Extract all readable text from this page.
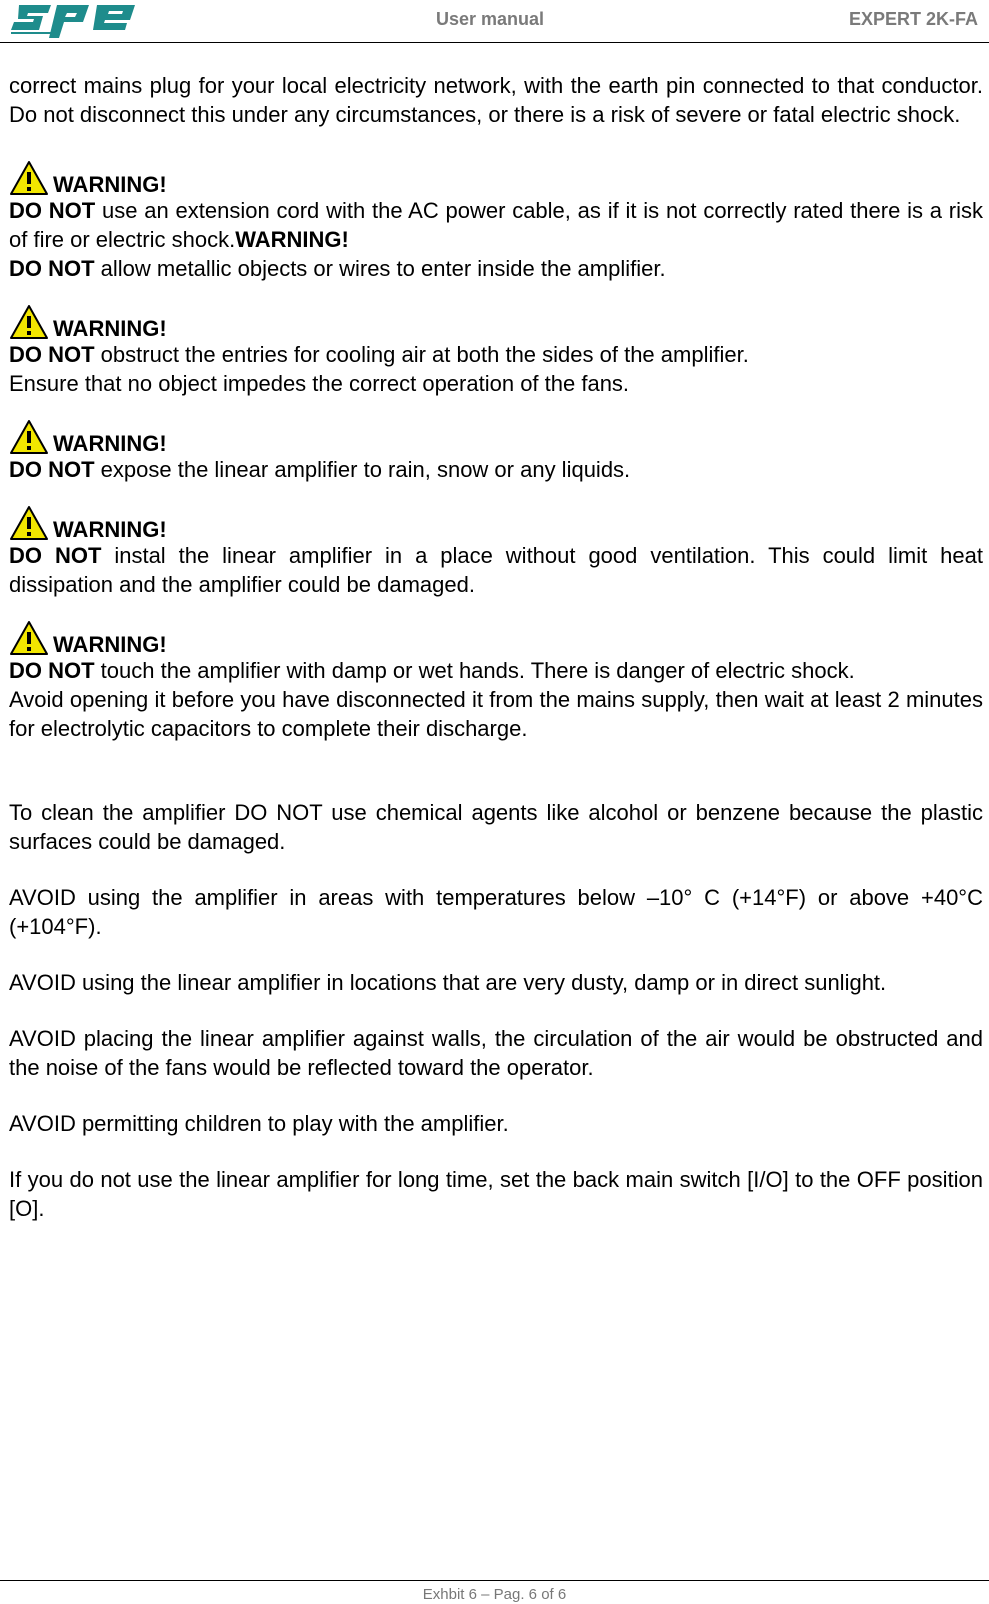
User manual	EXPERT 2K-FA

correct mains plug for your local electricity network, with the earth pin connected to that conductor. Do not disconnect this under any circumstances, or there is a risk of severe or fatal electric shock.

WARNING!

DO NOT use an extension cord with the AC power cable, as if it is not correctly rated there is a risk of fire or electric shock.WARNING!

DO NOT allow metallic objects or wires to enter inside the amplifier.

WARNING!

DO NOT obstruct the entries for cooling air at both the sides of the amplifier.

Ensure that no object impedes the correct operation of the fans.

WARNING!

DO NOT expose the linear amplifier to rain, snow or any liquids.

WARNING!

DO NOT instal the linear amplifier in a place without good ventilation. This could limit heat dissipation and the amplifier could be damaged.

WARNING!

DO NOT touch the amplifier with damp or wet hands. There is danger of electric shock.

Avoid opening it before you have disconnected it from the mains supply, then wait at least 2 minutes for electrolytic capacitors to complete their discharge.

To clean the amplifier DO NOT use chemical agents like alcohol or benzene because the plastic surfaces could be damaged.

AVOID using the amplifier in areas with temperatures below –10° C (+14°F) or above +40°C (+104°F).

AVOID using the linear amplifier in locations that are very dusty, damp or in direct sunlight.

AVOID placing the linear amplifier against walls, the circulation of the air would be obstructed and the noise of the fans would be reflected toward the operator.

AVOID permitting children to play with the amplifier.

If you do not use the linear amplifier for long time, set the back main switch [I/O] to the OFF position [O].

Exhbit 6 – Pag. 6 of 6
